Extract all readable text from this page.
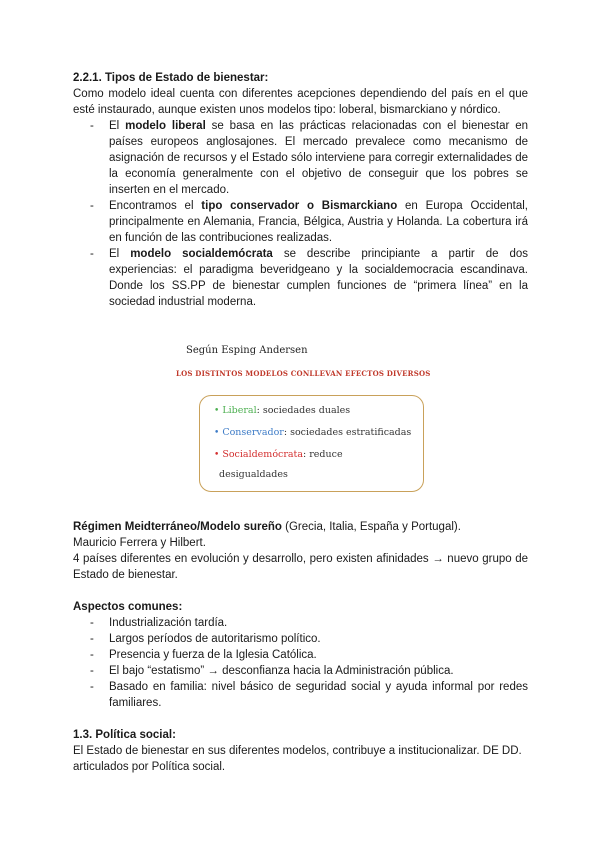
2.2.1. Tipos de Estado de bienestar:

Como modelo ideal cuenta con diferentes acepciones dependiendo del país en el que esté instaurado, aunque existen unos modelos tipo: loberal, bismarckiano y nórdico.

- El modelo liberal se basa en las prácticas relacionadas con el bienestar en países europeos anglosajones. El mercado prevalece como mecanismo de asignación de recursos y el Estado sólo interviene para corregir externalidades de la economía generalmente con el objetivo de conseguir que los pobres se inserten en el mercado.
- Encontramos el tipo conservador o Bismarckiano en Europa Occidental, principalmente en Alemania, Francia, Bélgica, Austria y Holanda. La cobertura irá en función de las contribuciones realizadas.
- El modelo socialdemócrata se describe principiante a partir de dos experiencias: el paradigma beveridgeano y la socialdemocracia escandinava. Donde los SS.PP de bienestar cumplen funciones de “primera línea” en la sociedad industrial moderna.
Según Esping Andersen
LOS DISTINTOS MODELOS CONLLEVAN EFECTOS DIVERSOS
• Liberal: sociedades duales
• Conservador: sociedades estratificadas
• Socialdemócrata: reduce
desigualdades

Régimen Meidterráneo/Modelo sureño (Grecia, Italia, España y Portugal).

Mauricio Ferrera y Hilbert.

4 países diferentes en evolución y desarrollo, pero existen afinidades → nuevo grupo de Estado de bienestar.

Aspectos comunes:

- Industrialización tardía.
- Largos períodos de autoritarismo político.
- Presencia y fuerza de la Iglesia Católica.
- El bajo “estatismo” → desconfianza hacia la Administración pública.
- Basado en familia: nivel básico de seguridad social y ayuda informal por redes familiares.

1.3. Política social:

El Estado de bienestar en sus diferentes modelos, contribuye a institucionalizar. DE DD. articulados por Política social.
